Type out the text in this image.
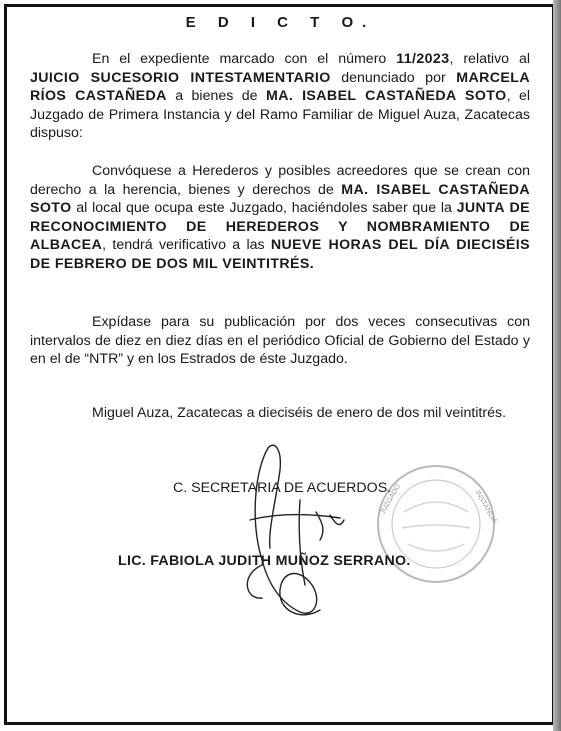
E D I C T O.
En el expediente marcado con el número 11/2023, relativo al JUICIO SUCESORIO INTESTAMENTARIO denunciado por MARCELA RÍOS CASTAÑEDA a bienes de MA. ISABEL CASTAÑEDA SOTO, el Juzgado de Primera Instancia y del Ramo Familiar de Miguel Auza, Zacatecas dispuso:
Convóquese a Herederos y posibles acreedores que se crean con derecho a la herencia, bienes y derechos de MA. ISABEL CASTAÑEDA SOTO al local que ocupa este Juzgado, haciéndoles saber que la JUNTA DE RECONOCIMIENTO DE HEREDEROS Y NOMBRAMIENTO DE ALBACEA, tendrá verificativo a las NUEVE HORAS DEL DÍA DIECISÉIS DE FEBRERO DE DOS MIL VEINTITRÉS.
Expídase para su publicación por dos veces consecutivas con intervalos de diez en diez días en el periódico Oficial de Gobierno del Estado y en el de “NTR” y en los Estrados de éste Juzgado.
Miguel Auza, Zacatecas a dieciséis de enero de dos mil veintitrés.
INSTANCIA
JUZGADO
C. SECRETARIA DE ACUERDOS.
LIC. FABIOLA JUDITH MUÑOZ SERRANO.
